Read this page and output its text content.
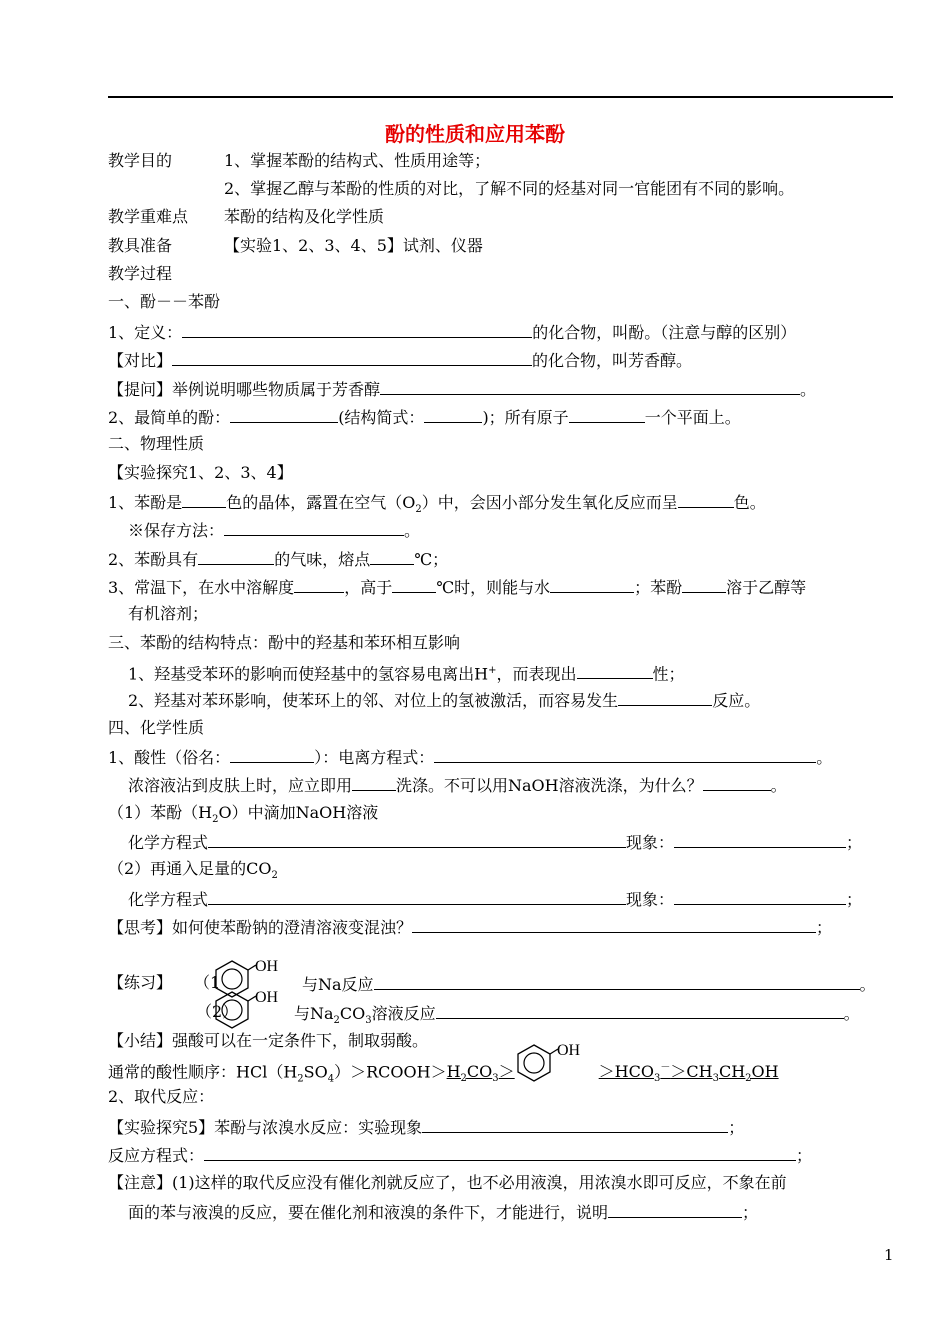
酚的性质和应用苯酚
教学目的	1、掌握苯酚的结构式、性质用途等；
2、掌握乙醇与苯酚的性质的对比，了解不同的烃基对同一官能团有不同的影响。
教学重难点 苯酚的结构及化学性质
教具准备	【实验1、2、3、4、5】试剂、仪器
教学过程
一、酚－－苯酚
1、定义：	的化合物，叫酚。（注意与醇的区别）
【对比】	的化合物，叫芳香醇。
【提问】举例说明哪些物质属于芳香醇	。
2、最简单的酚：	(结构简式：	)；所有原子	一个平面上。
二、物理性质
【实验探究1、2、3、4】
1、苯酚是	色的晶体，露置在空气$(O_2)$中，会因小部分发生氧化反应而呈	色。
※保存方法：	。
2、苯酚具有	的气味，熔点	℃；
3、常温下，在水中溶解度	，高于	℃时，则能与水	；苯酚	溶于乙醇等
有机溶剂；
三、苯酚的结构特点：酚中的羟基和苯环相互影响
1、羟基受苯环的影响而使羟基中的氢容易电离出H+，而表现出	性；
2、羟基对苯环影响，使苯环上的邻、对位上的氢被激活，而容易发生	反应。
四、化学性质
1、酸性（俗名：	）：电离方程式：	。
浓溶液沾到皮肤上时，应立即用	洗涤。不可以用NaOH溶液洗涤，为什么？	。
（1）苯酚$(H_2O)$中滴加NaOH溶液
化学方程式	现象：	；
（2）再通入足量的$CO_2$
化学方程式	现象：	；
【思考】如何使苯酚钠的澄清溶液变混浊？	；
【练习】 （1
OH
与Na反应	。
（2）
OH
与$Na_2CO_3$溶液反应	。
【小结】强酸可以在一定条件下，制取弱酸。
通常的酸性顺序：$HCl(H_2SO_4)>RCOOH>H_2CO_3>$	$>HCO_3^->CH_3CH_2OH$
OH
2、取代反应：
【实验探究5】苯酚与浓溴水反应：实验现象	；
反应方程式：	；
【注意】(1)这样的取代反应没有催化剂就反应了，也不必用液溴，用浓溴水即可反应，不象在前
面的苯与液溴的反应，要在催化剂和液溴的条件下，才能进行，说明	；
1
